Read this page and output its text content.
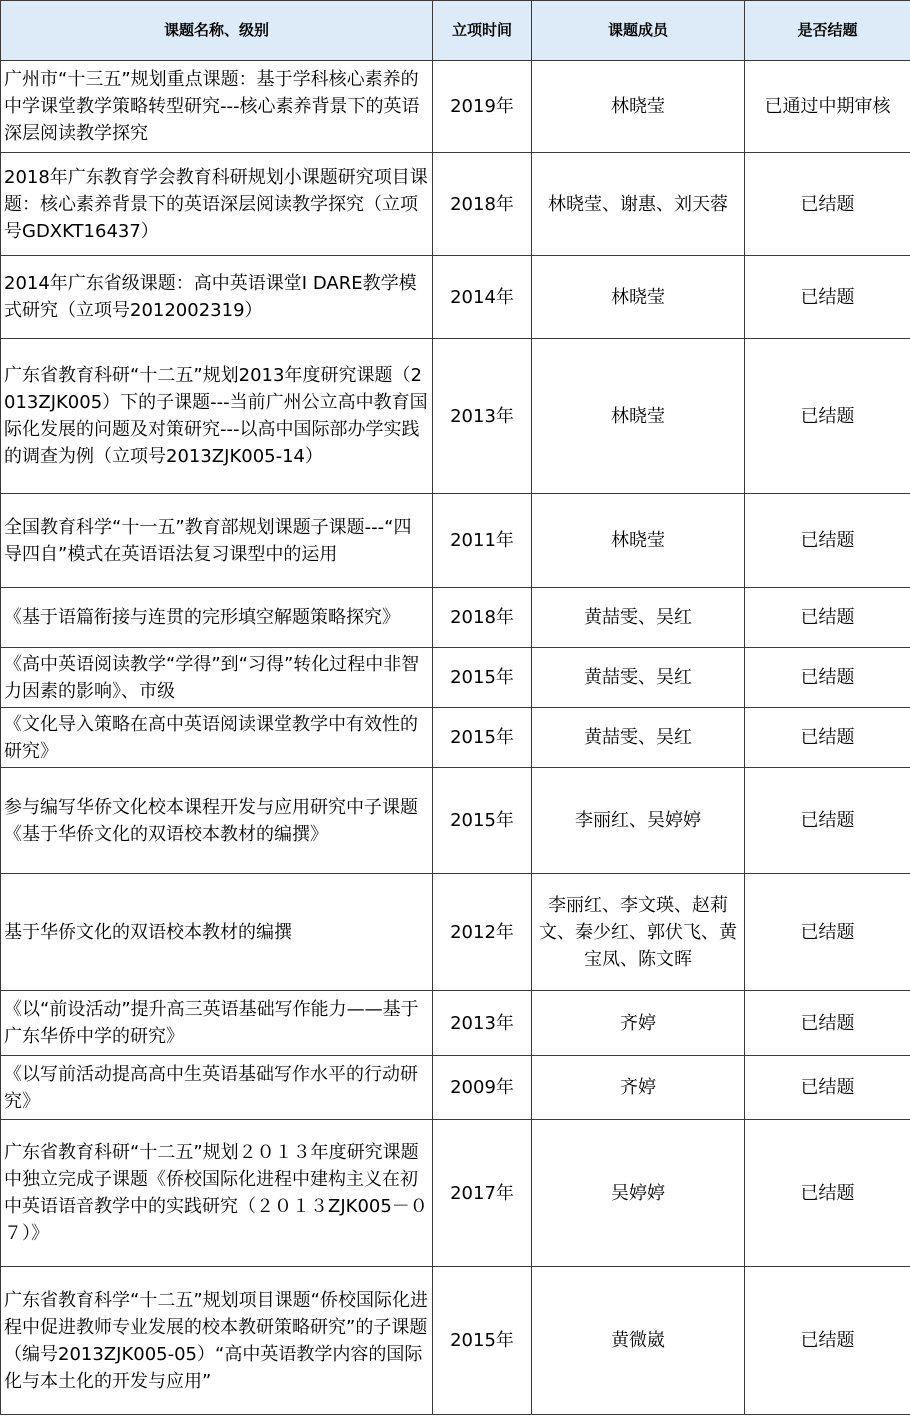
课题名称、级别	立项时间	课题成员	是否结题
广州市“十三五”规划重点课题：基于学科核心素养的中学课堂教学策略转型研究---核心素养背景下的英语深层阅读教学探究	2019年	林晓莹	已通过中期审核
2018年广东教育学会教育科研规划小课题研究项目课题：核心素养背景下的英语深层阅读教学探究（立项号GDXKT16437）	2018年	林晓莹、谢惠、刘天蓉	已结题
2014年广东省级课题：高中英语课堂I DARE教学模式研究（立项号2012002319）	2014年	林晓莹	已结题
广东省教育科研“十二五”规划2013年度研究课题（2013ZJK005）下的子课题---当前广州公立高中教育国际化发展的问题及对策研究---以高中国际部办学实践的调查为例（立项号2013ZJK005-14）	2013年	林晓莹	已结题
全国教育科学“十一五”教育部规划课题子课题---“四导四自”模式在英语语法复习课型中的运用	2011年	林晓莹	已结题
《基于语篇衔接与连贯的完形填空解题策略探究》	2018年	黄喆雯、吴红	已结题
《高中英语阅读教学“学得”到“习得”转化过程中非智力因素的影响》、市级	2015年	黄喆雯、吴红	已结题
《文化导入策略在高中英语阅读课堂教学中有效性的研究》	2015年	黄喆雯、吴红	已结题
参与编写华侨文化校本课程开发与应用研究中子课题《基于华侨文化的双语校本教材的编撰》	2015年	李丽红、吴婷婷	已结题
基于华侨文化的双语校本教材的编撰	2012年	李丽红、李文瑛、赵莉文、秦少红、郭伏飞、黄宝凤、陈文晖	已结题
《以“前设活动”提升高三英语基础写作能力——基于广东华侨中学的研究》	2013年	齐婷	已结题
《以写前活动提高高中生英语基础写作水平的行动研究》	2009年	齐婷	已结题
广东省教育科研“十二五”规划２０１３年度研究课题中独立完成子课题《侨校国际化进程中建构主义在初中英语语音教学中的实践研究（２０１３ZJK005－０７）》	2017年	吴婷婷	已结题
广东省教育科学“十二五”规划项目课题“侨校国际化进程中促进教师专业发展的校本教研策略研究”的子课题（编号2013ZJK005-05）“高中英语教学内容的国际化与本土化的开发与应用”	2015年	黄微崴	已结题
